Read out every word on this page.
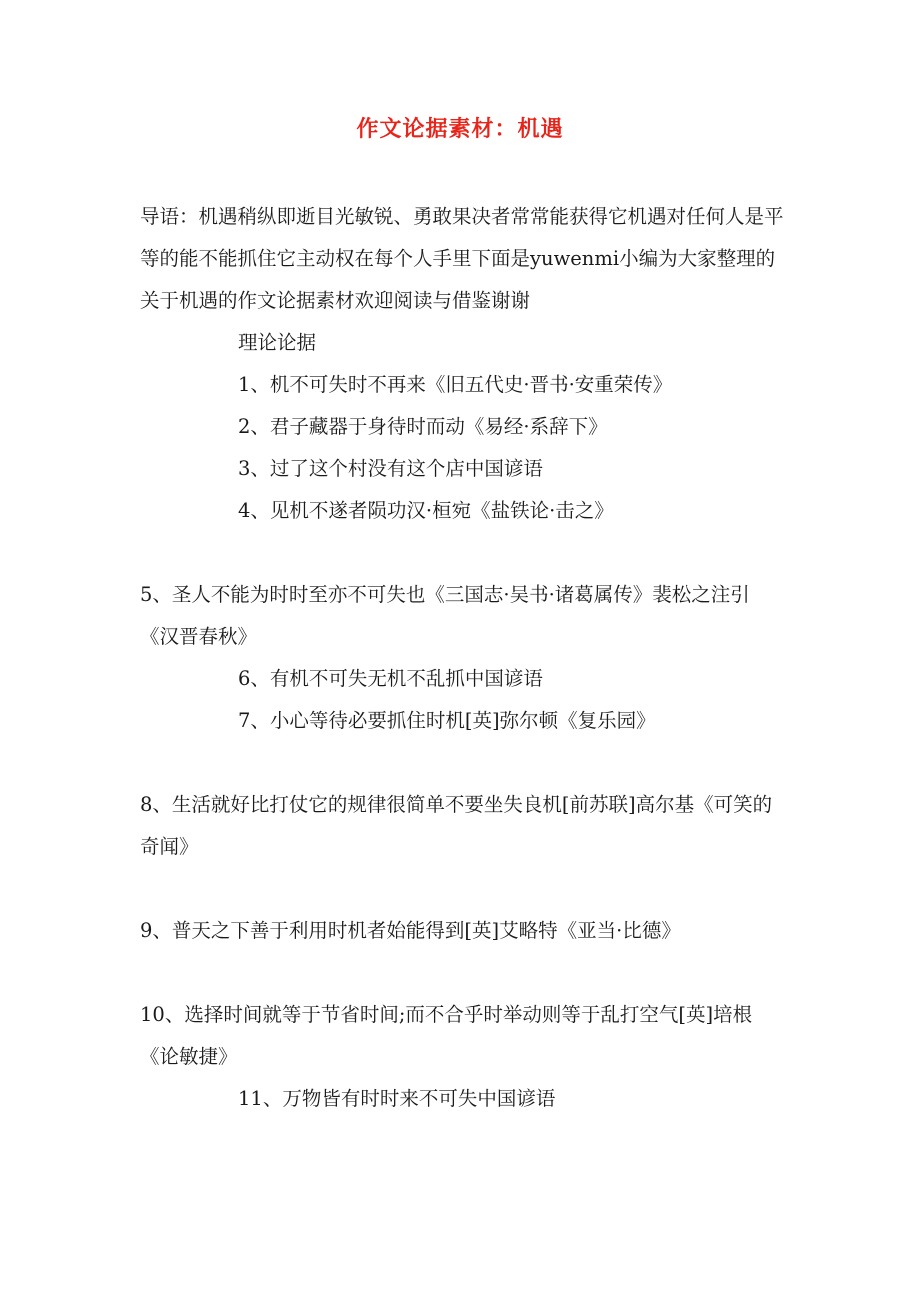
作文论据素材：机遇

导语：机遇稍纵即逝目光敏锐、勇敢果决者常常能获得它机遇对任何人是平等的能不能抓住它主动权在每个人手里下面是yuwenmi小编为大家整理的关于机遇的作文论据素材欢迎阅读与借鉴谢谢

理论论据

1、机不可失时不再来《旧五代史·晋书·安重荣传》

2、君子藏器于身待时而动《易经·系辞下》

3、过了这个村没有这个店中国谚语

4、见机不遂者陨功汉·桓宛《盐铁论·击之》

5、圣人不能为时时至亦不可失也《三国志·吴书·诸葛属传》裴松之注引《汉晋春秋》

6、有机不可失无机不乱抓中国谚语

7、小心等待必要抓住时机[英]弥尔顿《复乐园》

8、生活就好比打仗它的规律很简单不要坐失良机[前苏联]高尔基《可笑的奇闻》

9、普天之下善于利用时机者始能得到[英]艾略特《亚当·比德》

10、选择时间就等于节省时间;而不合乎时举动则等于乱打空气[英]培根《论敏捷》

11、万物皆有时时来不可失中国谚语
